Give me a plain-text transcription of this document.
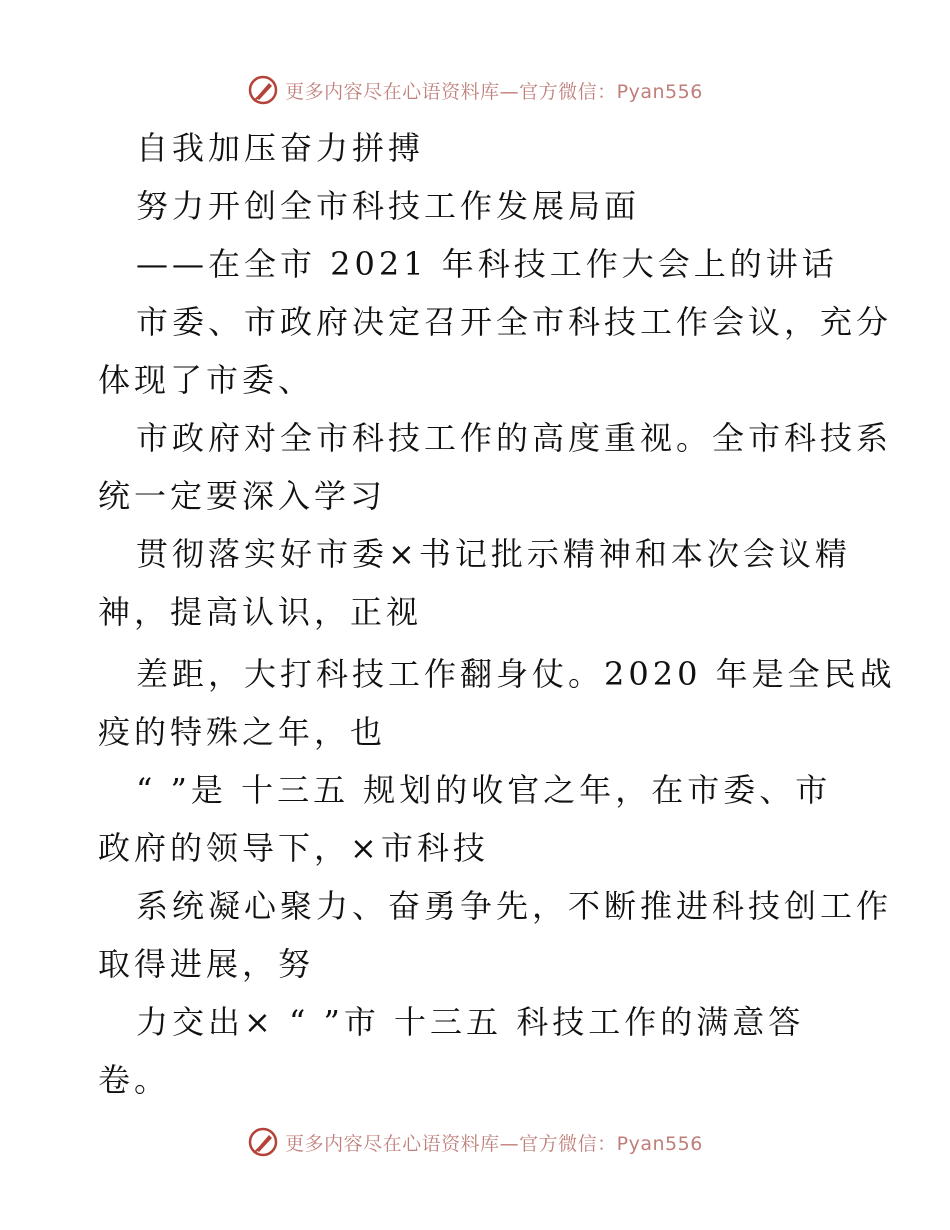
更多内容尽在心语资料库—官方微信：Pyan556
自我加压奋力拼搏
努力开创全市科技工作发展局面
——在全市 2021 年科技工作大会上的讲话
市委、市政府决定召开全市科技工作会议，充分
体现了市委、
市政府对全市科技工作的高度重视。全市科技系
统一定要深入学习
贯彻落实好市委×书记批示精神和本次会议精
神，提高认识，正视
差距，大打科技工作翻身仗。2020 年是全民战
疫的特殊之年，也
“ ”是 十三五 规划的收官之年，在市委、市
政府的领导下，×市科技
系统凝心聚力、奋勇争先，不断推进科技创工作
取得进展，努
力交出× “ ”市 十三五 科技工作的满意答
卷。
更多内容尽在心语资料库—官方微信：Pyan556
